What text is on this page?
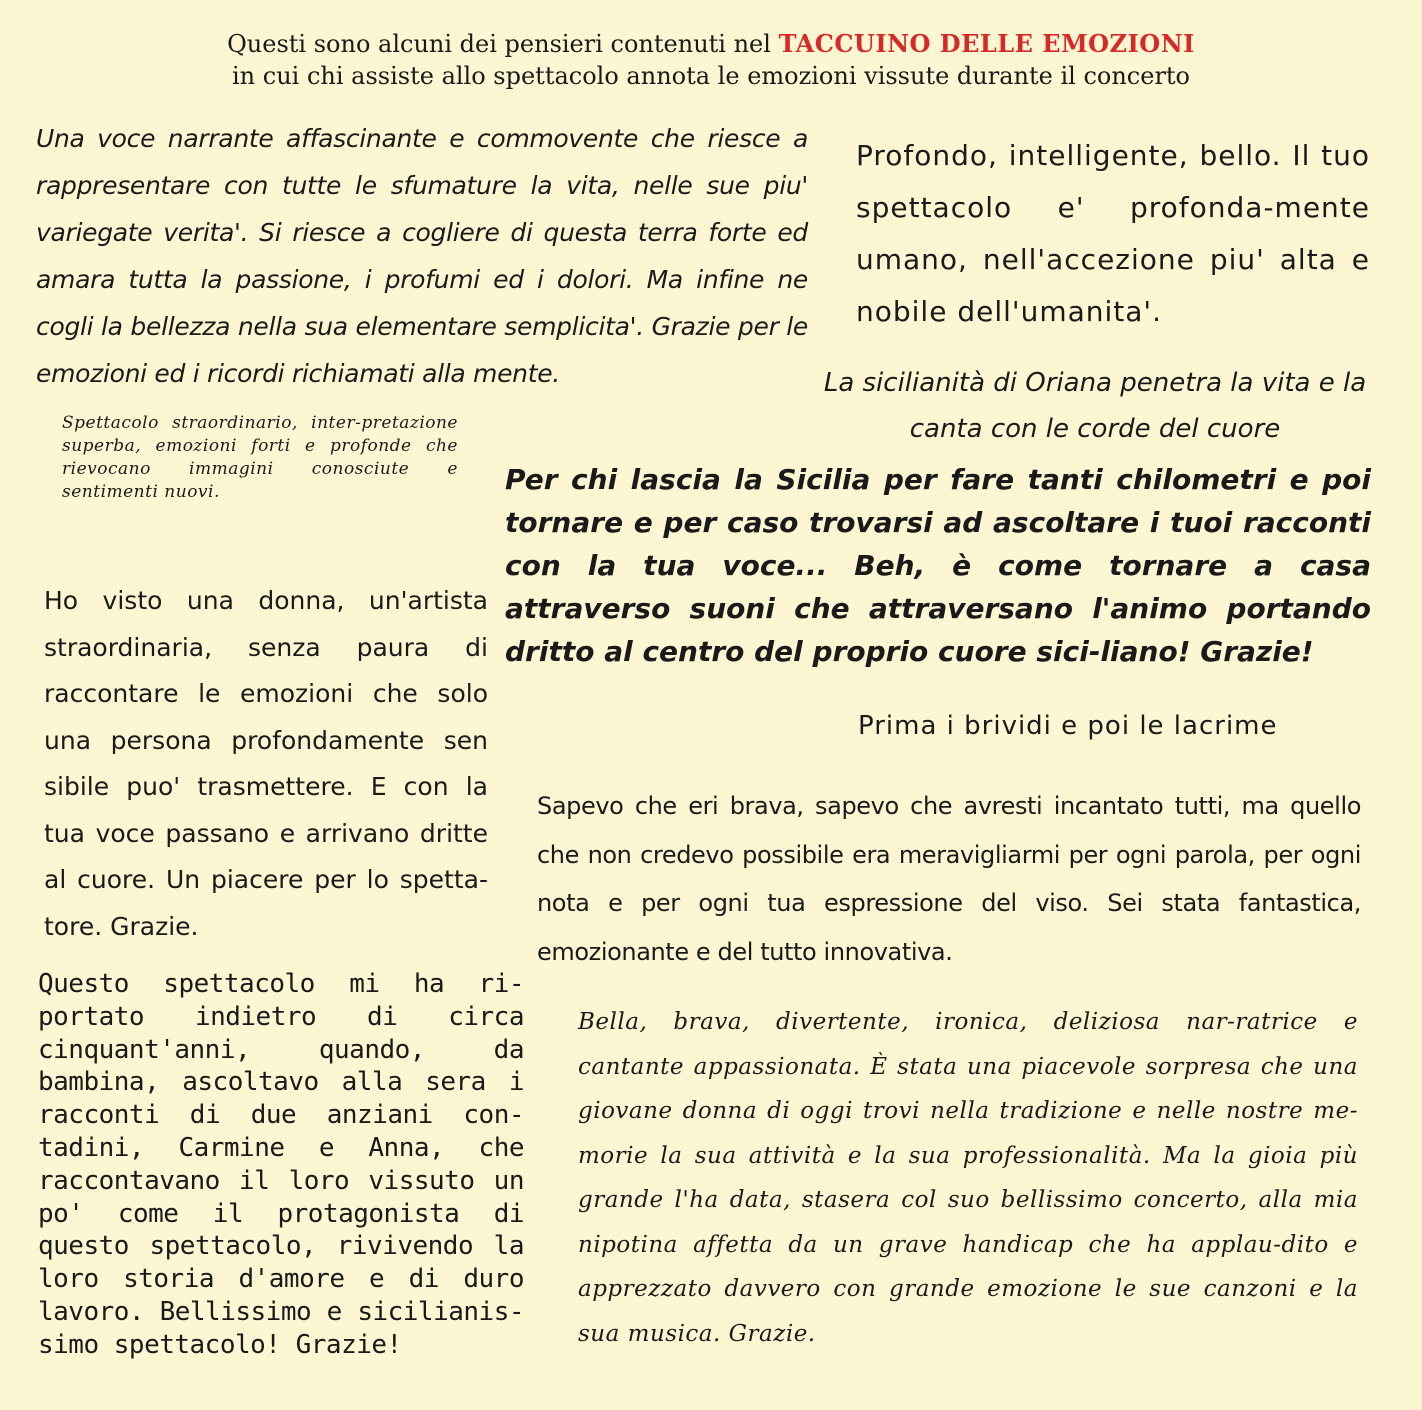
Questi sono alcuni dei pensieri contenuti nel TACCUINO DELLE EMOZIONI
in cui chi assiste allo spettacolo annota le emozioni vissute durante il concerto

Una voce narrante affascinante e commovente che riesce a rappresentare con tutte le sfumature la vita, nelle sue piu' variegate verita'. Si riesce a cogliere di questa terra forte ed amara tutta la passione, i profumi ed i dolori. Ma infine ne cogli la bellezza nella sua elementare semplicita'. Grazie per le emozioni ed i ricordi richiamati alla mente.

Profondo, intelligente, bello. Il tuo spettacolo e' profonda-mente umano, nell'accezione piu' alta e nobile dell'umanita'.

La sicilianità di Oriana penetra la vita e la canta con le corde del cuore

Spettacolo straordinario, inter-pretazione superba, emozioni forti e profonde che rievocano immagini conosciute e sentimenti nuovi.	Per chi lascia la Sicilia per fare tanti chilometri e poi tornare e per caso trovarsi ad ascoltare i tuoi racconti con la tua voce... Beh, è come tornare a casa attraverso suoni che attraversano l'animo portando dritto al centro del proprio cuore sici-liano! Grazie!

Ho visto una donna, un'artista straordinaria, senza paura di raccontare le emozioni che solo una persona profondamente sen sibile puo' trasmettere. E con la tua voce passano e arrivano dritte al cuore. Un piacere per lo spetta-tore. Grazie.

Prima i brividi e poi le lacrime

Sapevo che eri brava, sapevo che avresti incantato tutti, ma quello che non credevo possibile era meravigliarmi per ogni parola, per ogni nota e per ogni tua espressione del viso. Sei stata fantastica, emozionante e del tutto innovativa.

Questo spettacolo mi ha ri-portato indietro di circa cinquant'anni, quando, da bambina, ascoltavo alla sera i racconti di due anziani con-tadini, Carmine e Anna, che raccontavano il loro vissuto un po' come il protagonista di questo spettacolo, rivivendo la loro storia d'amore e di duro lavoro. Bellissimo e sicilianis-simo spettacolo! Grazie!

Bella, brava, divertente, ironica, deliziosa nar-ratrice e cantante appassionata. È stata una piacevole sorpresa che una giovane donna di oggi trovi nella tradizione e nelle nostre me-morie la sua attività e la sua professionalità. Ma la gioia più grande l'ha data, stasera col suo bellissimo concerto, alla mia nipotina affetta da un grave handicap che ha applau-dito e apprezzato davvero con grande emozione le sue canzoni e la sua musica. Grazie.
